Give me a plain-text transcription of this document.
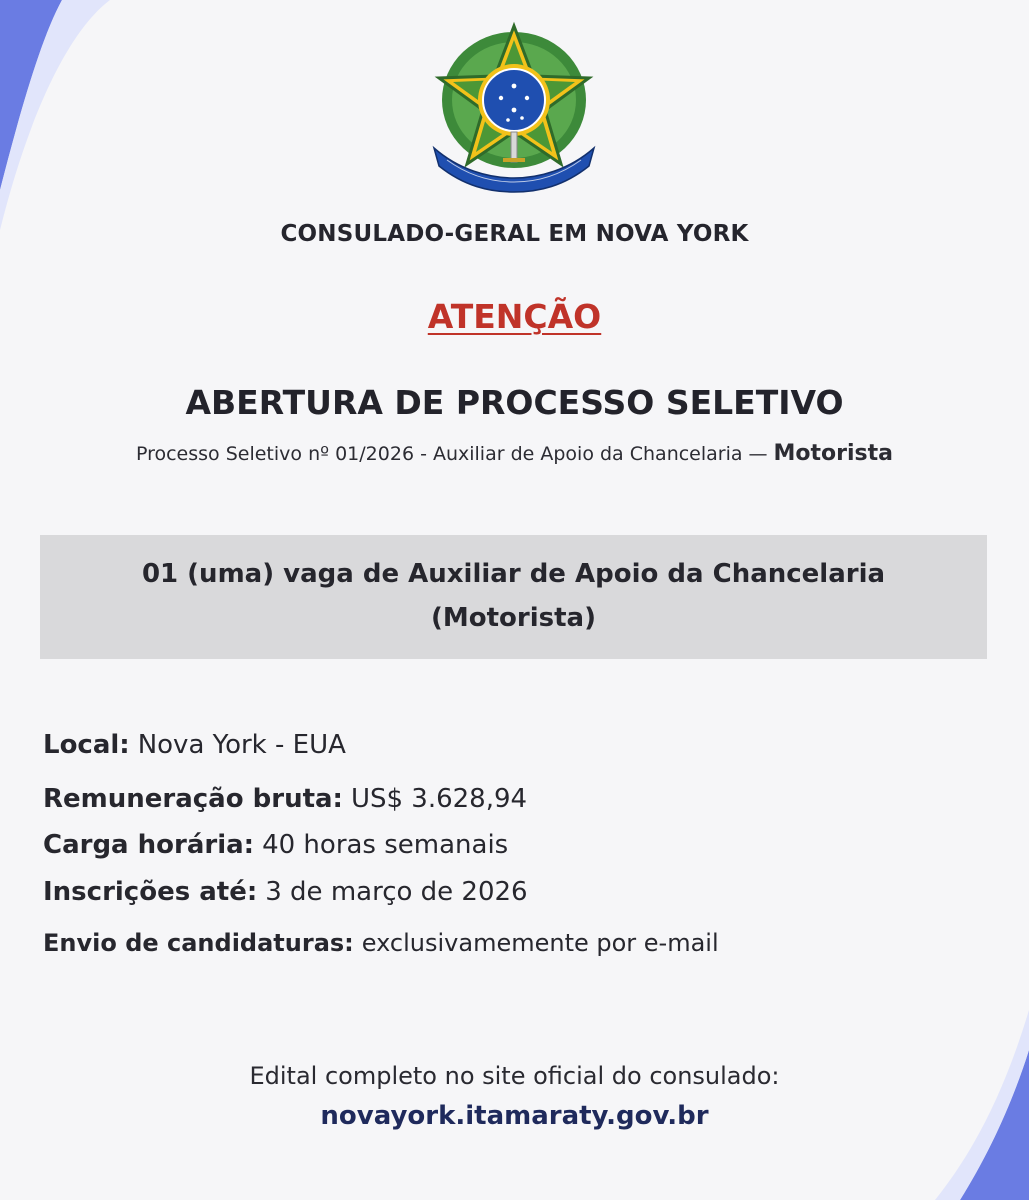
CONSULADO-GERAL EM NOVA YORK
ATENÇÃO
ABERTURA DE PROCESSO SELETIVO
Processo Seletivo nº 01/2026 - Auxiliar de Apoio da Chancelaria — Motorista
01 (uma) vaga de Auxiliar de Apoio da Chancelaria
(Motorista)
Local: Nova York - EUA
Remuneração bruta: US$ 3.628,94
Carga horária: 40 horas semanais
Inscrições até: 3 de março de 2026
Envio de candidaturas: exclusivamemente por e-mail
Edital completo no site oficial do consulado:
novayork.itamaraty.gov.br
